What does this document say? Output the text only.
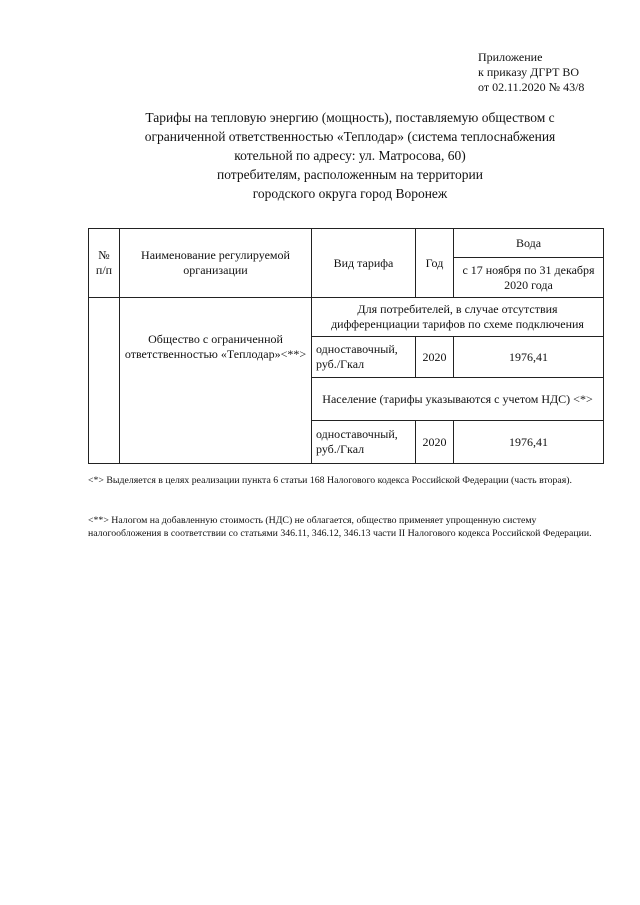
Приложение
к приказу ДГРТ ВО
от 02.11.2020 № 43/8
Тарифы на тепловую энергию (мощность), поставляемую обществом с
ограниченной ответственностью «Теплодар» (система теплоснабжения
котельной по адресу: ул. Матросова, 60)
потребителям, расположенным на территории
городского округа город Воронеж
№ п/п	Наименование регулируемой организации	Вид тарифа	Год	Вода
				с 17 ноября по 31 декабря 2020 года
	Общество с ограниченной ответственностью «Теплодар»<**>	Для потребителей, в случае отсутствия дифференциации тарифов по схеме подключения		
		одноставочный, руб./Гкал	2020	1976,41
		Население (тарифы указываются с учетом НДС) <*>		
		одноставочный, руб./Гкал	2020	1976,41
<*> Выделяется в целях реализации пункта 6 статьи 168 Налогового кодекса Российской Федерации (часть вторая).
<**> Налогом на добавленную стоимость (НДС) не облагается, общество применяет упрощенную систему налогообложения в соответствии со статьями 346.11, 346.12, 346.13 части II Налогового кодекса Российской Федерации.
